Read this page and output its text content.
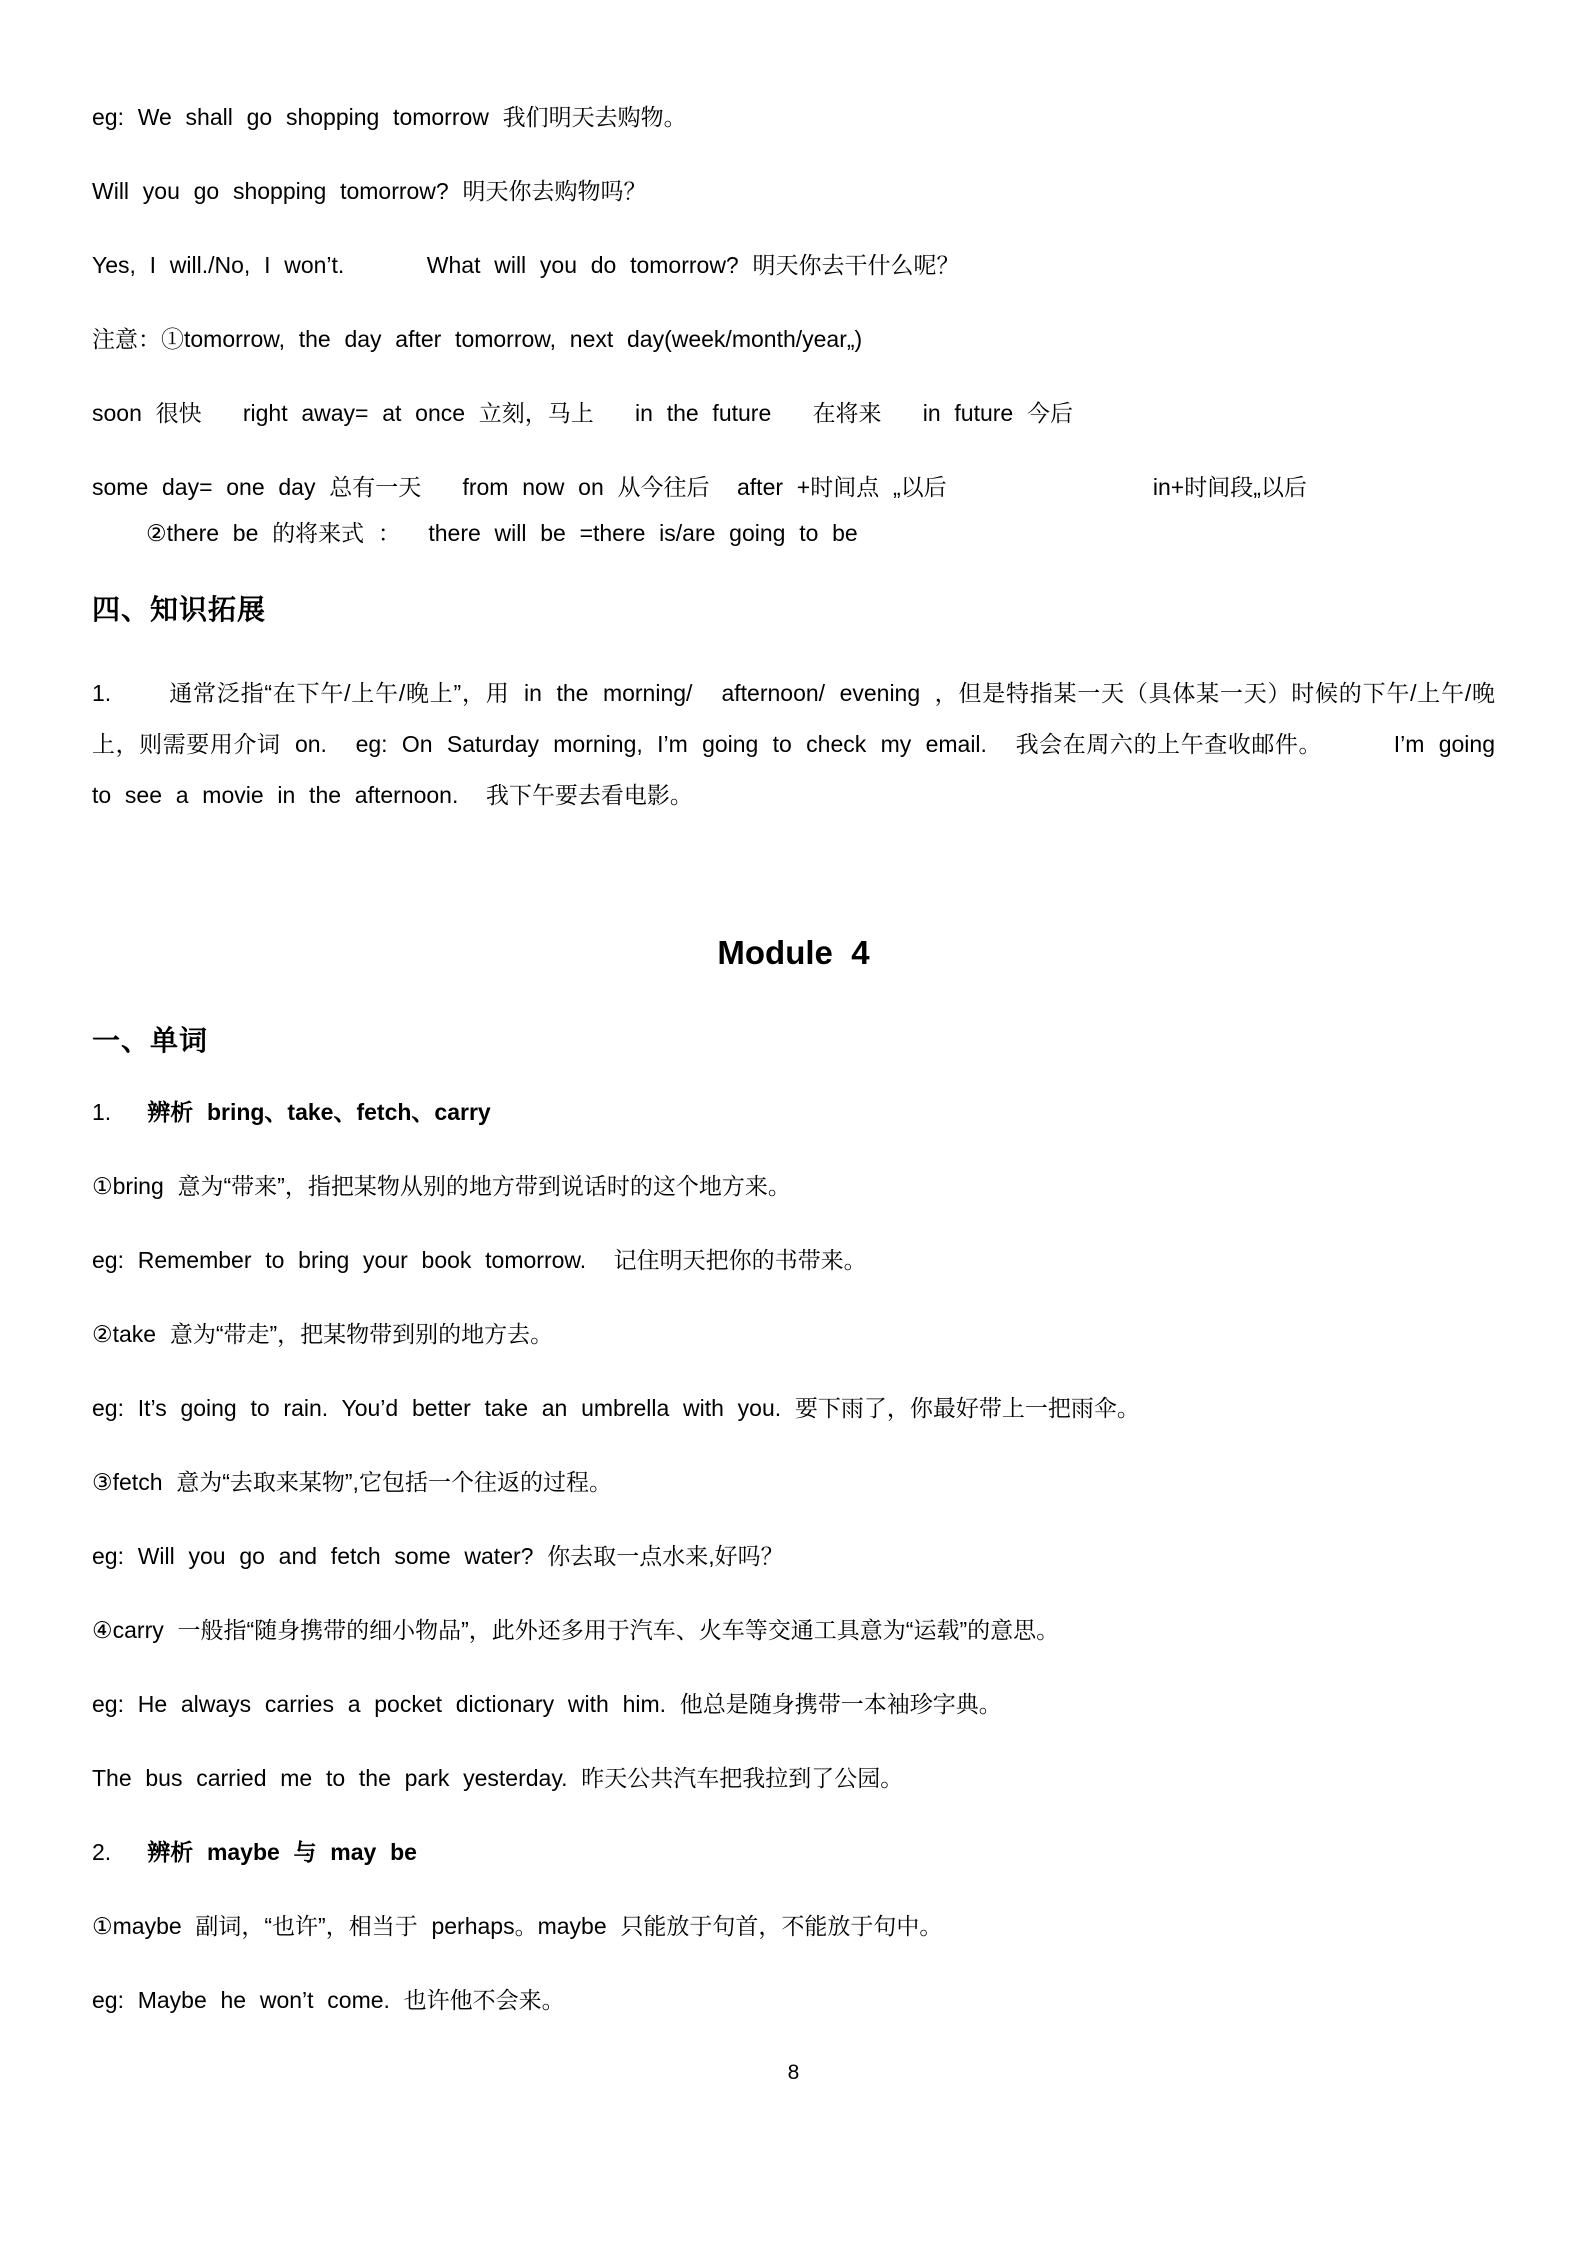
eg: We shall go shopping tomorrow 我们明天去购物。

Will you go shopping tomorrow? 明天你去购物吗？

Yes, I will./No, I won’t.      What will you do tomorrow? 明天你去干什么呢？

注意：①tomorrow, the day after tomorrow, next day(week/month/year„)

soon 很快   right away= at once 立刻，马上   in the future   在将来   in future 今后

some day= one day 总有一天   from now on 从今往后  after +时间点 „以后               in+时间段„以后

②there be 的将来式 ：  there will be =there is/are going to be

四、知识拓展

1.    通常泛指“在下午/上午/晚上”，用 in the morning/  afternoon/ evening ，但是特指某一天（具体某一天）时候的下午/上午/晚上，则需要用介词 on.  eg: On Saturday morning, I’m going to check my email.  我会在周六的上午查收邮件。     I’m going to see a movie in the afternoon.  我下午要去看电影。

Module  4
一、单词

1. 辨析 bring、take、fetch、carry

①bring 意为“带来”，指把某物从别的地方带到说话时的这个地方来。

eg: Remember to bring your book tomorrow.  记住明天把你的书带来。

②take 意为“带走”，把某物带到别的地方去。

eg: It’s going to rain. You’d better take an umbrella with you. 要下雨了，你最好带上一把雨伞。

③fetch 意为“去取来某物”,它包括一个往返的过程。

eg: Will you go and fetch some water? 你去取一点水来,好吗？

④carry 一般指“随身携带的细小物品”，此外还多用于汽车、火车等交通工具意为“运载”的意思。

eg: He always carries a pocket dictionary with him. 他总是随身携带一本袖珍字典。

The bus carried me to the park yesterday. 昨天公共汽车把我拉到了公园。

2. 辨析 maybe 与 may be

①maybe 副词，“也许”，相当于 perhaps。maybe 只能放于句首，不能放于句中。

eg: Maybe he won’t come. 也许他不会来。

8
